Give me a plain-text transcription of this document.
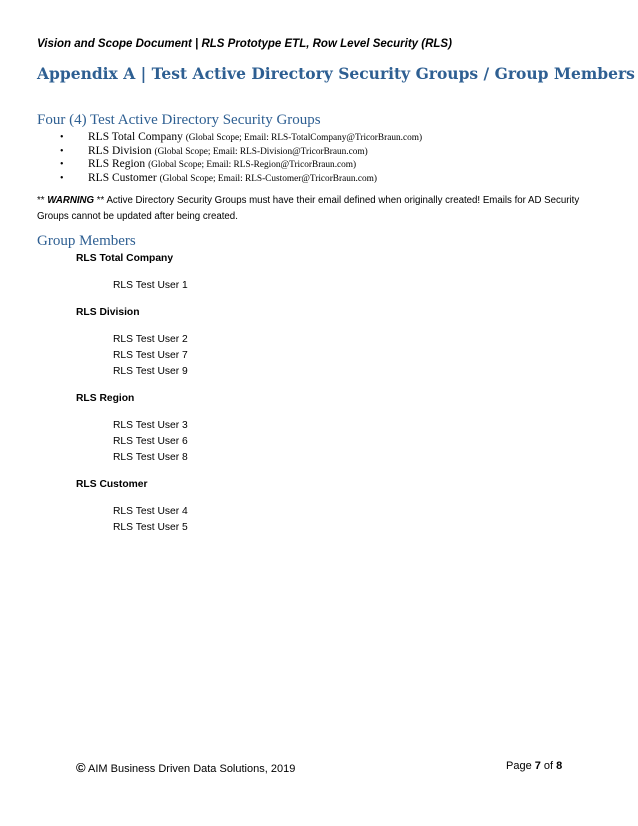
Vision and Scope Document | RLS Prototype ETL, Row Level Security (RLS)
Appendix A | Test Active Directory Security Groups / Group Members
Four (4) Test Active Directory Security Groups
• RLS Total Company (Global Scope; Email: RLS-TotalCompany@TricorBraun.com)
• RLS Division (Global Scope; Email: RLS-Division@TricorBraun.com)
• RLS Region (Global Scope; Email: RLS-Region@TricorBraun.com)
• RLS Customer (Global Scope; Email: RLS-Customer@TricorBraun.com)

** WARNING ** Active Directory Security Groups must have their email defined when originally created! Emails for AD Security Groups cannot be updated after being created.

Group Members
RLS Total Company
RLS Test User 1
RLS Division
RLS Test User 2
RLS Test User 7
RLS Test User 9
RLS Region
RLS Test User 3
RLS Test User 6
RLS Test User 8
RLS Customer
RLS Test User 4
RLS Test User 5
© AIM Business Driven Data Solutions, 2019	Page 7 of 8
